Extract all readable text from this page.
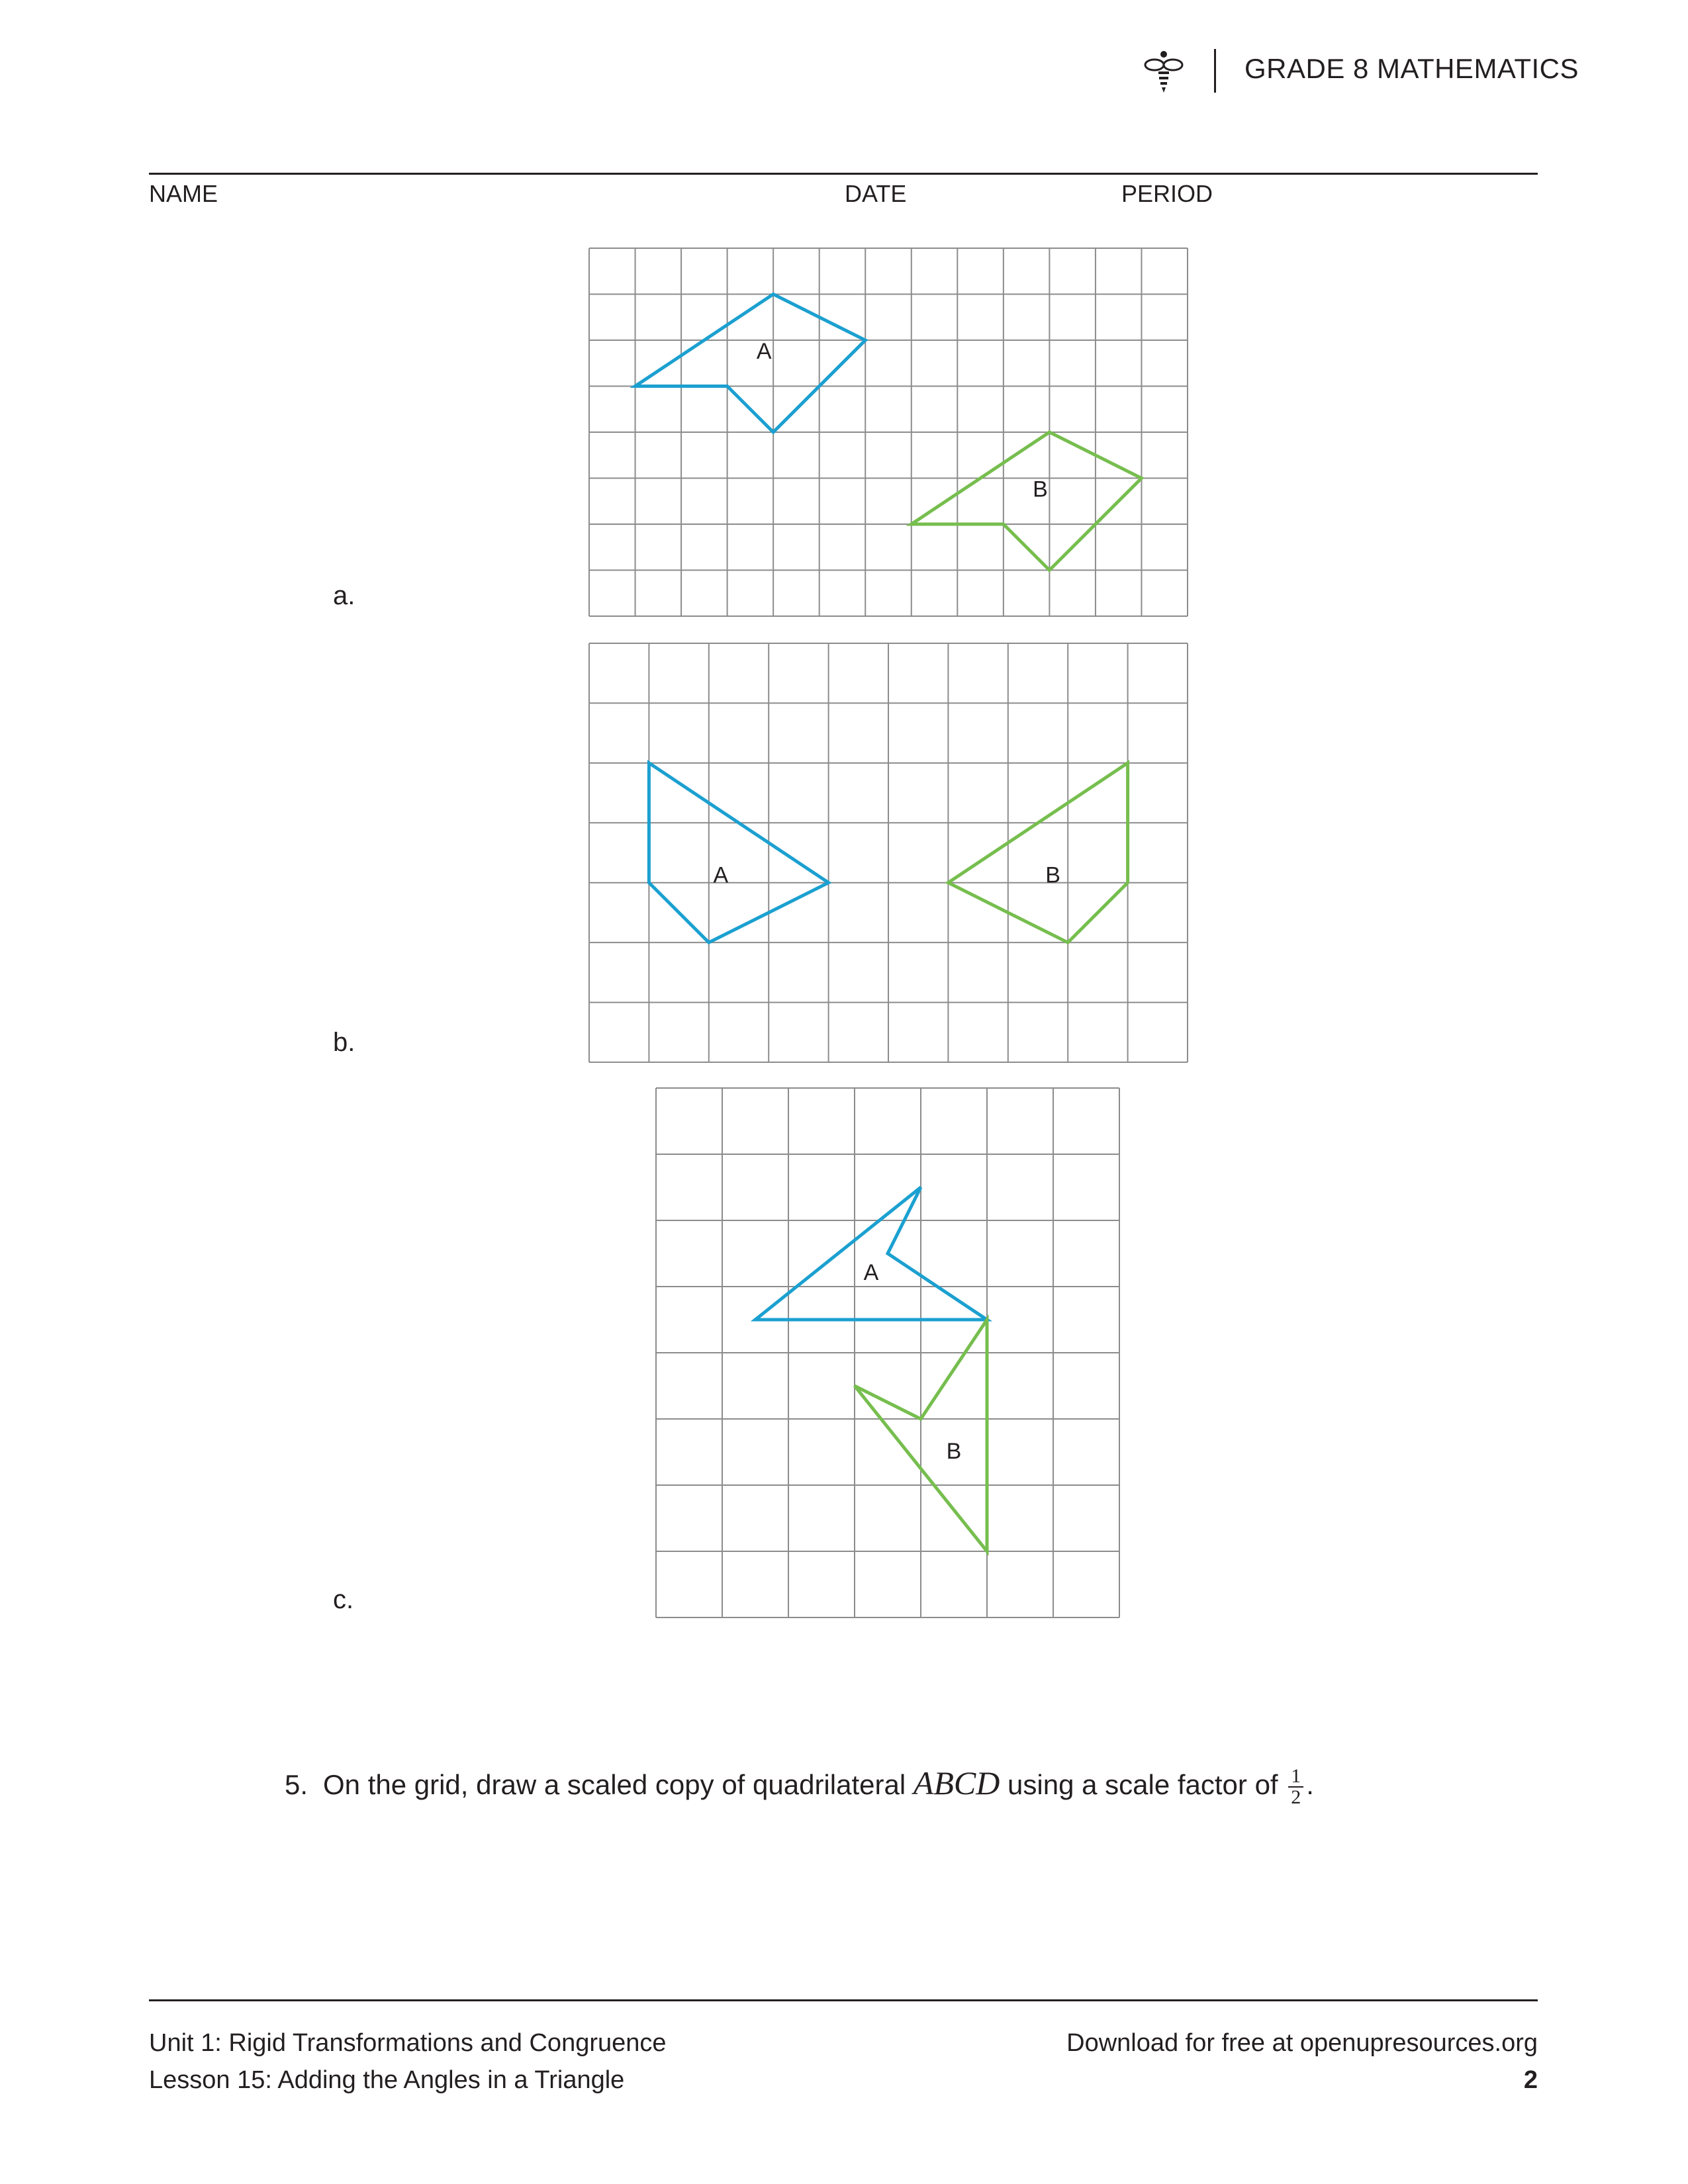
GRADE 8 MATHEMATICS
NAME	DATE	PERIOD
a.
b.
c.
A
B
A	B
A
B
5. On the grid, draw a scaled copy of quadrilateral ABCD using a scale factor of $\frac{1}{2}$ .
Unit 1: Rigid Transformations and Congruence
Lesson 15: Adding the Angles in a Triangle
Download for free at openupresources.org
2
